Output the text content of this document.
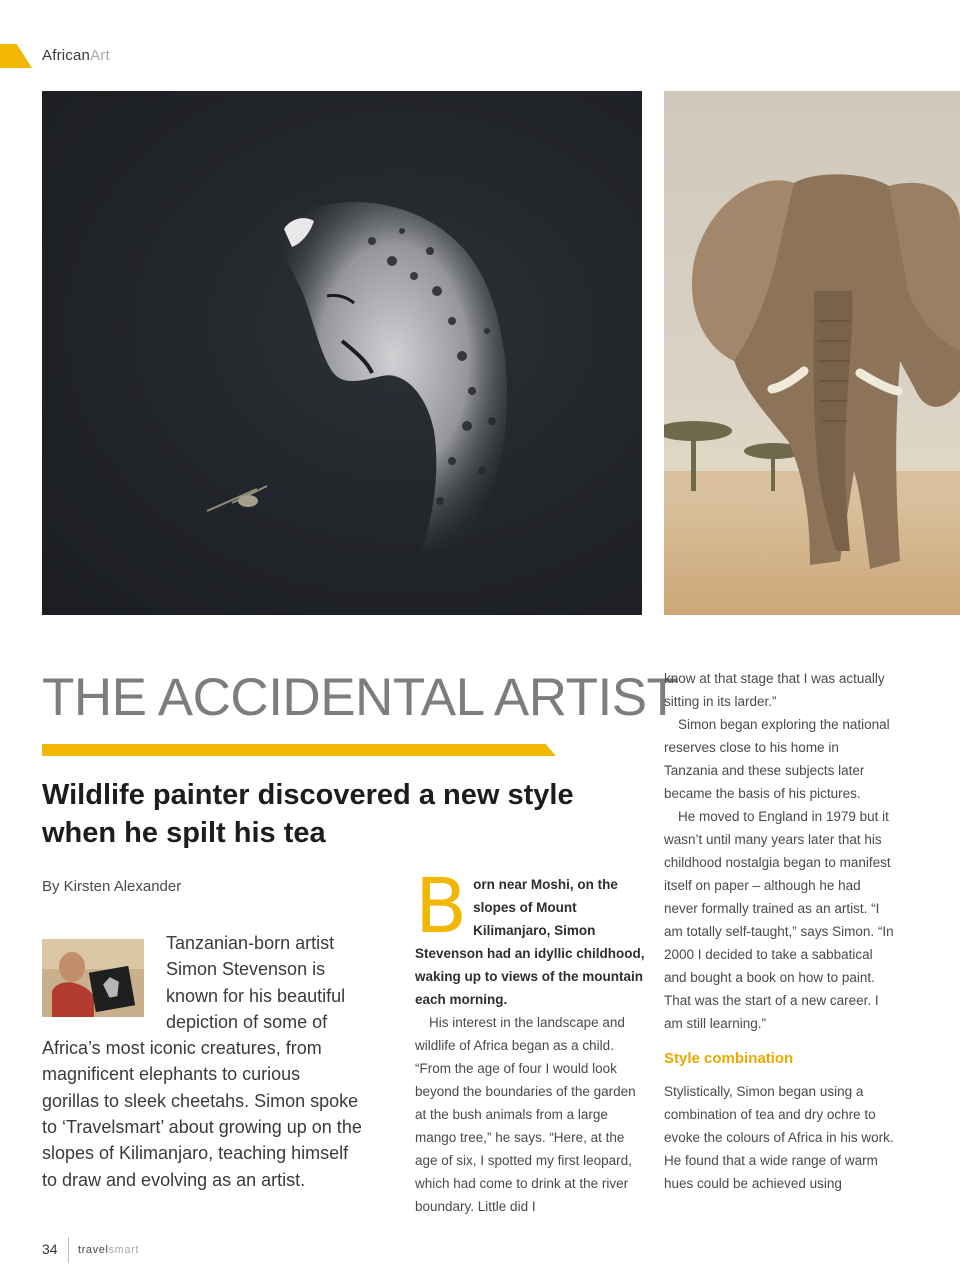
AfricanArt
THE ACCIDENTAL ARTIST
Wildlife painter discovered a new style when he spilt his tea
By Kirsten Alexander
Tanzanian-born artist Simon Stevenson is known for his beautiful depiction of some of Africa’s most iconic creatures, from magnificent elephants to curious gorillas to sleek cheetahs. Simon spoke to ‘Travelsmart’ about growing up on the slopes of Kilimanjaro, teaching himself to draw and evolving as an artist.

Born near Moshi, on the slopes of Mount Kilimanjaro, Simon Stevenson had an idyllic childhood, waking up to views of the mountain each morning.

His interest in the landscape and wildlife of Africa began as a child. “From the age of four I would look beyond the boundaries of the garden at the bush animals from a large mango tree,” he says. “Here, at the age of six, I spotted my first leopard, which had come to drink at the river boundary. Little did I

know at that stage that I was actually sitting in its larder.”

Simon began exploring the national reserves close to his home in Tanzania and these subjects later became the basis of his pictures.

He moved to England in 1979 but it wasn’t until many years later that his childhood nostalgia began to manifest itself on paper – although he had never formally trained as an artist. “I am totally self-taught,” says Simon. “In 2000 I decided to take a sabbatical and bought a book on how to paint. That was the start of a new career. I am still learning.”

Style combination

Stylistically, Simon began using a combination of tea and dry ochre to evoke the colours of Africa in his work. He found that a wide range of warm hues could be achieved using

34 travelsmart
